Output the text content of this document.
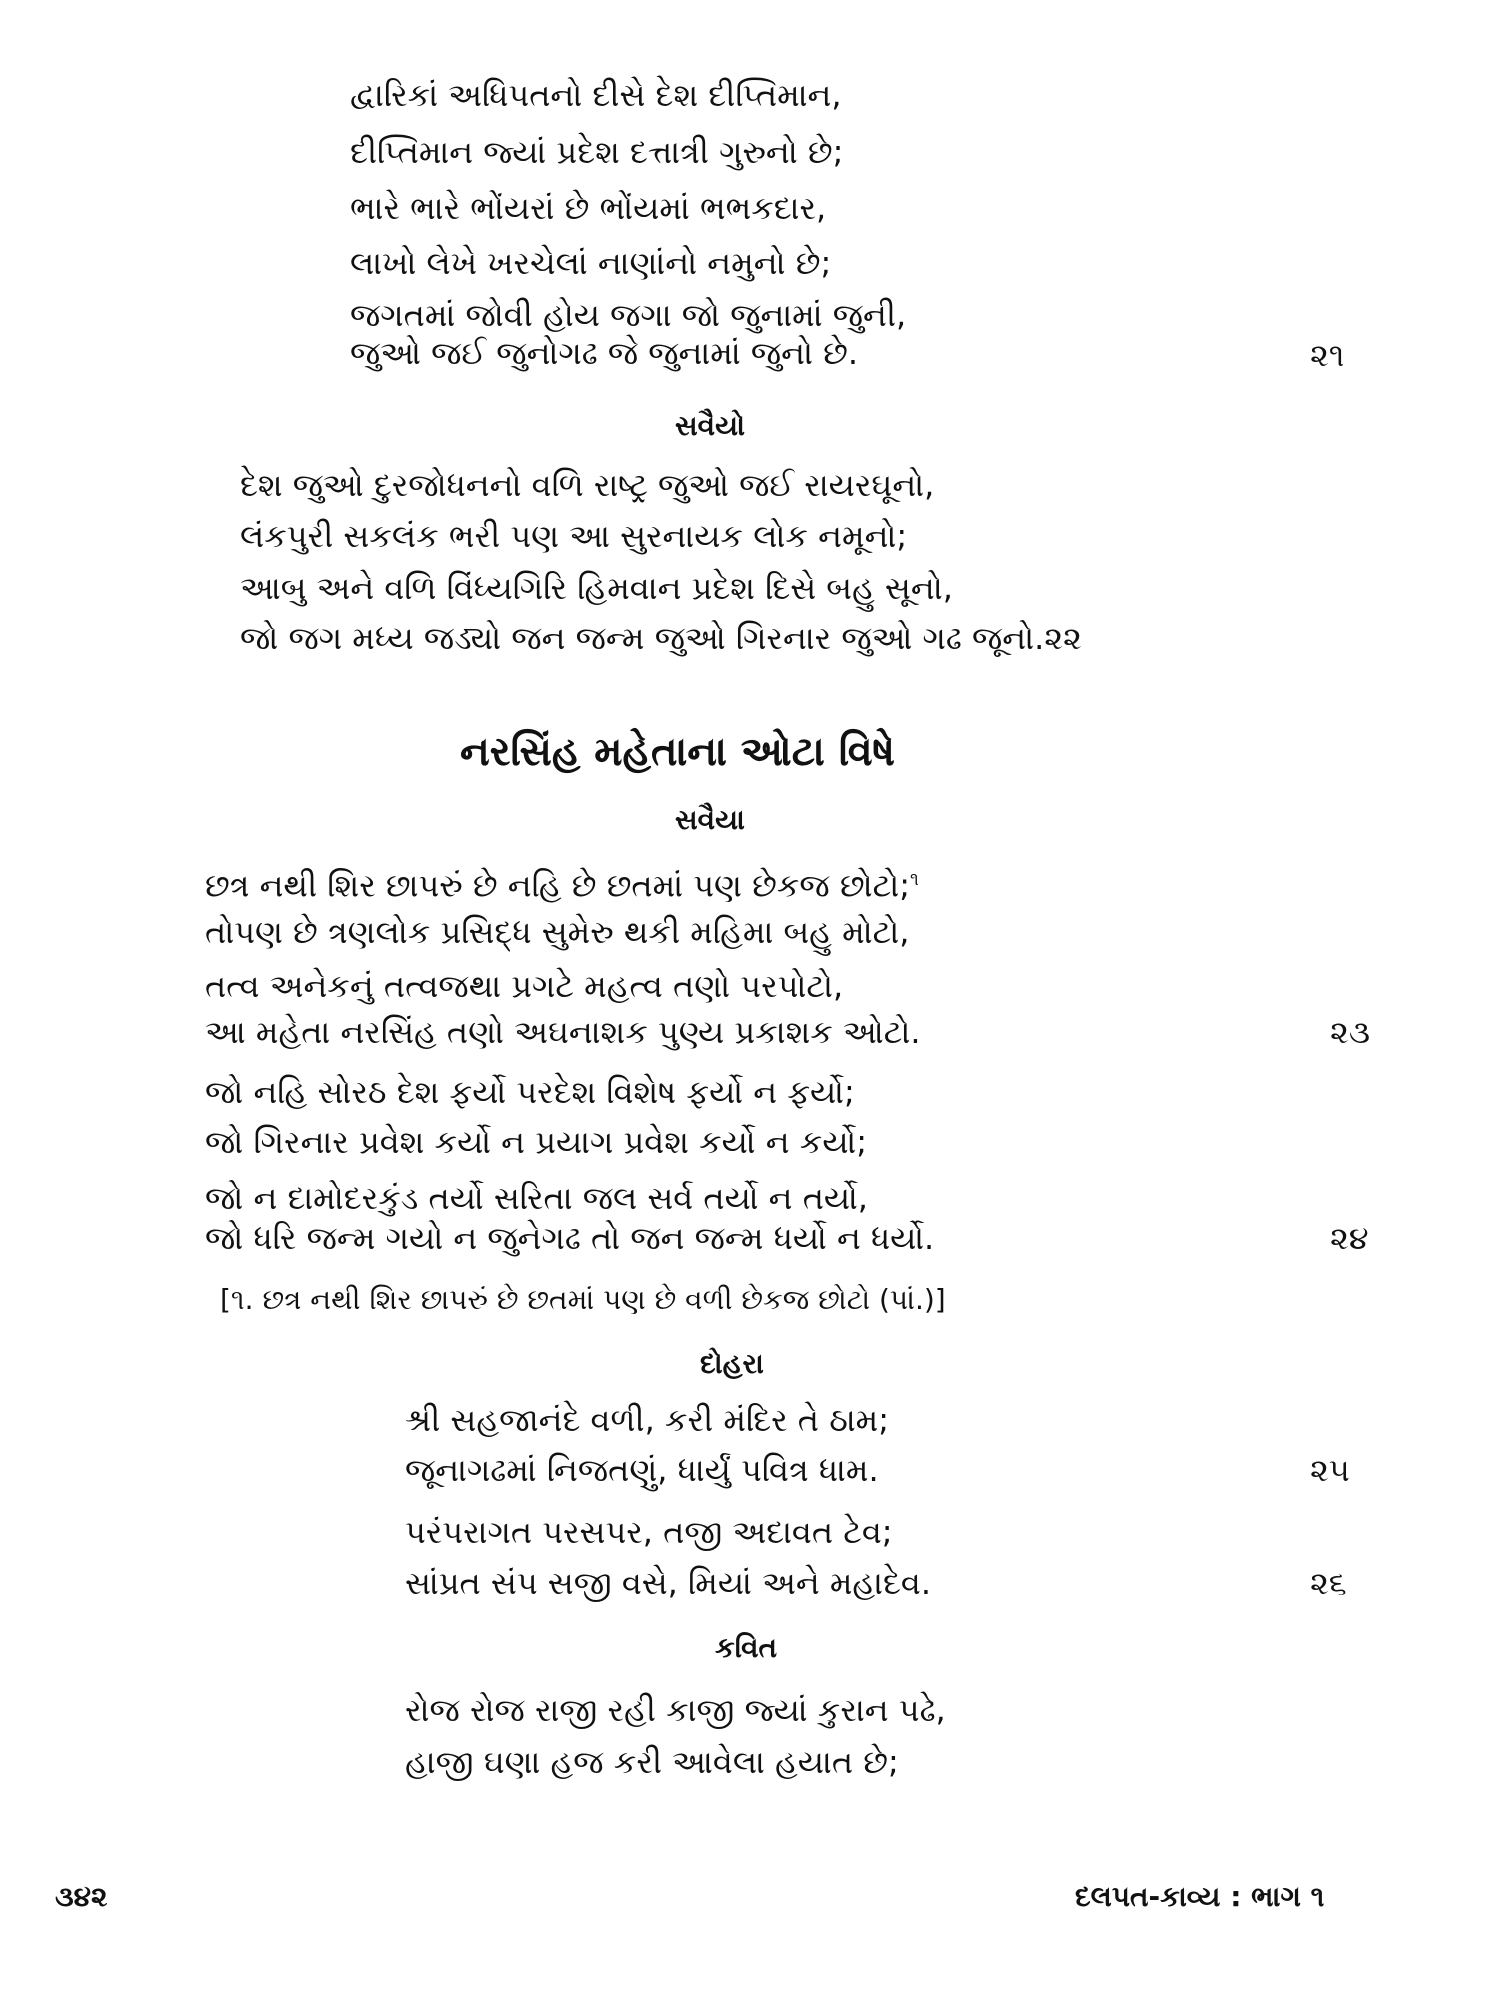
દ્વારિકાં અધિપતનો દીસે દેશ દીપ્તિમાન,
દીપ્તિમાન જ્યાં પ્રદેશ દત્તાત્રી ગુરુનો છે;
ભારે ભારે ભોંયરાં છે ભોંયમાં ભભકદાર,
લાખો લેખે ખરચેલાં નાણાંનો નમુનો છે;
જગતમાં જોવી હોય જગા જો જુનામાં જુની,
જુઓ જઈ જુનોગઢ જે જુનામાં જુનો છે.	૨૧
સવૈયો
દેશ જુઓ દુરજોધનનો વળિ રાષ્ટ્ર જુઓ જઈ રાયરઘૂનો,
લંકપુરી સકલંક ભરી પણ આ સુરનાયક લોક નમૂનો;
આબુ અને વળિ વિંધ્યગિરિ હિમવાન પ્રદેશ દિસે બહુ સૂનો,
જો જગ મધ્ય જડ્યો જન જન્મ જુઓ ગિરનાર જુઓ ગઢ જૂનો.૨૨
નરસિંહ મહેતાના ઓટા વિષે
સવૈયા
છત્ર નથી શિર છાપરું છે નહિ છે છતમાં પણ છેકજ છોટો;$^૧$
તોપણ છે ત્રણલોક પ્રસિદ્ધ સુમેરુ થકી મહિમા બહુ મોટો,
તત્વ અનેકનું તત્વજથા પ્રગટે મહત્વ તણો પરપોટો,
આ મહેતા નરસિંહ તણો અઘનાશક પુણ્ય પ્રકાશક ઓટો.	૨૩
જો નહિ સોરઠ દેશ ફર્યો પરદેશ વિશેષ ફર્યો ન ફર્યો;
જો ગિરનાર પ્રવેશ કર્યો ન પ્રયાગ પ્રવેશ કર્યો ન કર્યો;
જો ન દામોદરકુંડ તર્યો સરિતા જલ સર્વ તર્યો ન તર્યો,
જો ધરિ જન્મ ગયો ન જુનેગઢ તો જન જન્મ ધર્યો ન ધર્યો.	૨૪
[૧. છત્ર નથી શિર છાપરું છે છતમાં પણ છે વળી છેકજ છોટો (પાં.)]
દોહરા
શ્રી સહજાનંદે વળી, કરી મંદિર તે ઠામ;
જૂનાગઢમાં નિજતણું, ધાર્યું પવિત્ર ધામ.	૨૫
પરંપરાગત પરસપર, તજી અદાવત ટેવ;
સાંપ્રત સંપ સજી વસે, મિયાં અને મહાદેવ.	૨૬
કવિત
રોજ રોજ રાજી રહી કાજી જ્યાં કુરાન પઢે,
હાજી ઘણા હજ કરી આવેલા હયાત છે;
૩૪૨	દલપત-કાવ્ય : ભાગ ૧
